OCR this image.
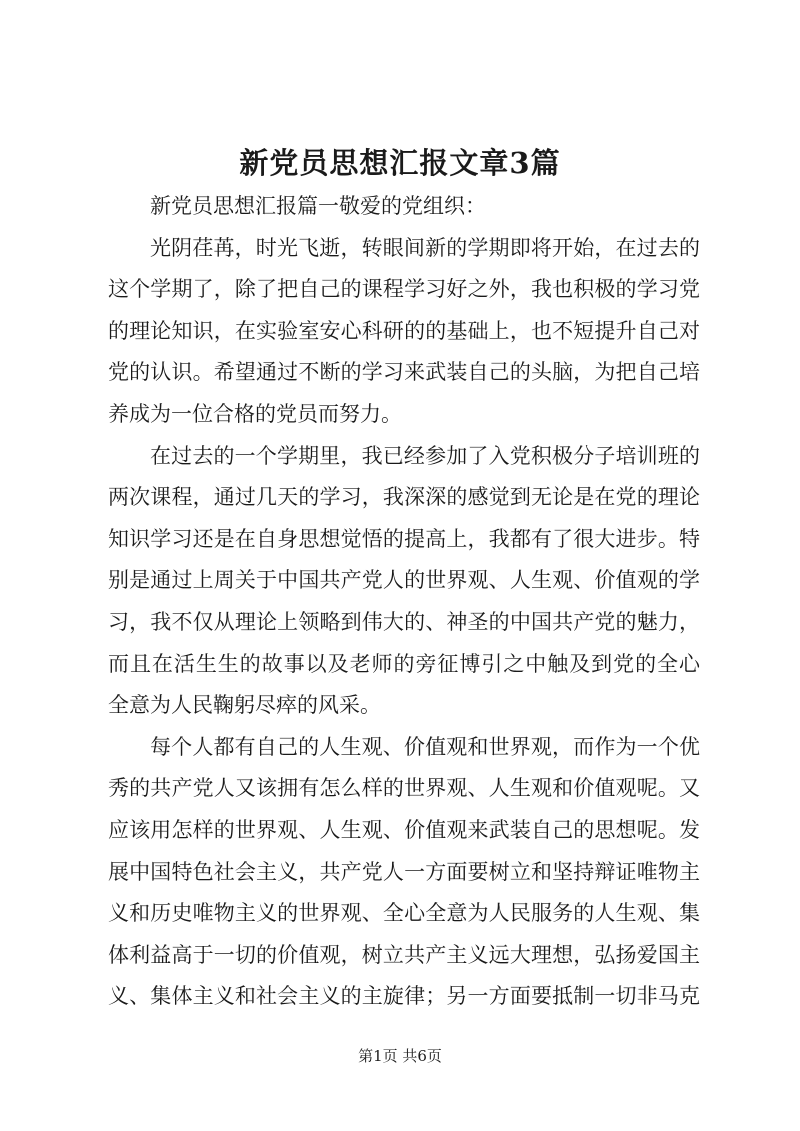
新党员思想汇报文章3篇
新党员思想汇报篇一敬爱的党组织：
光阴荏苒，时光飞逝，转眼间新的学期即将开始，在过去的
这个学期了，除了把自己的课程学习好之外，我也积极的学习党
的理论知识，在实验室安心科研的的基础上，也不短提升自己对
党的认识。希望通过不断的学习来武装自己的头脑，为把自己培
养成为一位合格的党员而努力。
在过去的一个学期里，我已经参加了入党积极分子培训班的
两次课程，通过几天的学习，我深深的感觉到无论是在党的理论
知识学习还是在自身思想觉悟的提高上，我都有了很大进步。特
别是通过上周关于中国共产党人的世界观、人生观、价值观的学
习，我不仅从理论上领略到伟大的、神圣的中国共产党的魅力，
而且在活生生的故事以及老师的旁征博引之中触及到党的全心
全意为人民鞠躬尽瘁的风采。
每个人都有自己的人生观、价值观和世界观，而作为一个优
秀的共产党人又该拥有怎么样的世界观、人生观和价值观呢。又
应该用怎样的世界观、人生观、价值观来武装自己的思想呢。发
展中国特色社会主义，共产党人一方面要树立和坚持辩证唯物主
义和历史唯物主义的世界观、全心全意为人民服务的人生观、集
体利益高于一切的价值观，树立共产主义远大理想，弘扬爱国主
义、集体主义和社会主义的主旋律；另一方面要抵制一切非马克
第1页 共6页
